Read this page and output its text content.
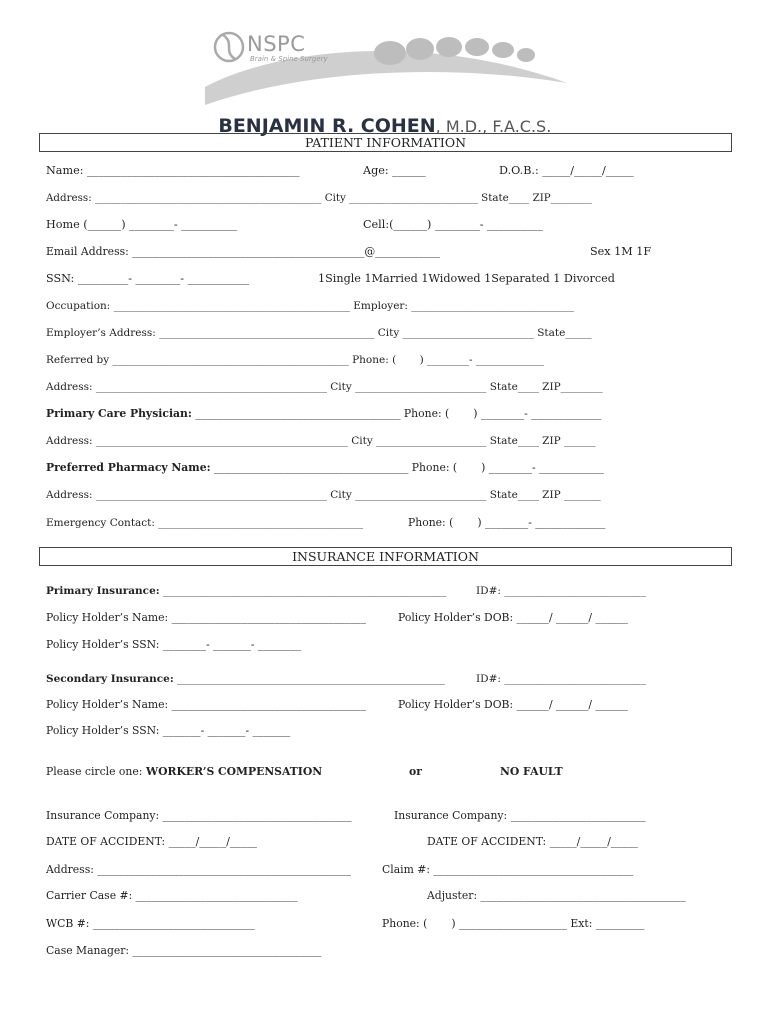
NSPC
Brain & Spine Surgery

BENJAMIN R. COHEN, M.D., F.A.C.S.

PATIENT INFORMATION
Name: ______________________________________	Age: ______	D.O.B.: _____/_____/_____
Address: ____________________________________________ City _________________________ State____ ZIP________
Home (______) ________- __________	Cell:(______) ________- __________
Email Address: ___________________________________________@____________	Sex 1M 1F
SSN: _________- ________- ___________	1Single 1Married 1Widowed 1Separated 1 Divorced
Occupation: _____________________________________________ Employer: _______________________________
Employer’s Address: _________________________________________ City _________________________ State_____
Referred by _____________________________________________ Phone: (       ) ________- _____________
Address: ____________________________________________ City _________________________ State____ ZIP________
Primary Care Physician: ______________________________________ Phone: (       ) ________- _____________
Address: ________________________________________________ City _____________________ State____ ZIP ______
Preferred Pharmacy Name: ____________________________________ Phone: (       ) ________- ____________
Address: ____________________________________________ City _________________________ State____ ZIP _______
Emergency Contact: _______________________________________	Phone: (       ) ________- _____________
INSURANCE INFORMATION
Primary Insurance: ______________________________________________________	ID#: ___________________________
Policy Holder’s Name: ____________________________________	Policy Holder’s DOB: ______/ ______/ ______
Policy Holder’s SSN: ________- _______- ________
Secondary Insurance: ___________________________________________________	ID#: ___________________________
Policy Holder’s Name: ____________________________________	Policy Holder’s DOB: ______/ ______/ ______
Policy Holder’s SSN: _______- _______- _______
Please circle one: WORKER’S COMPENSATION	or	NO FAULT
Insurance Company: ___________________________________	Insurance Company: _________________________
DATE OF ACCIDENT: _____/_____/_____	DATE OF ACCIDENT: _____/_____/_____
Address: _______________________________________________	Claim #: _____________________________________
Carrier Case #: ______________________________	Adjuster: ______________________________________
WCB #: ______________________________	Phone: (       ) ____________________ Ext: _________
Case Manager: ___________________________________
